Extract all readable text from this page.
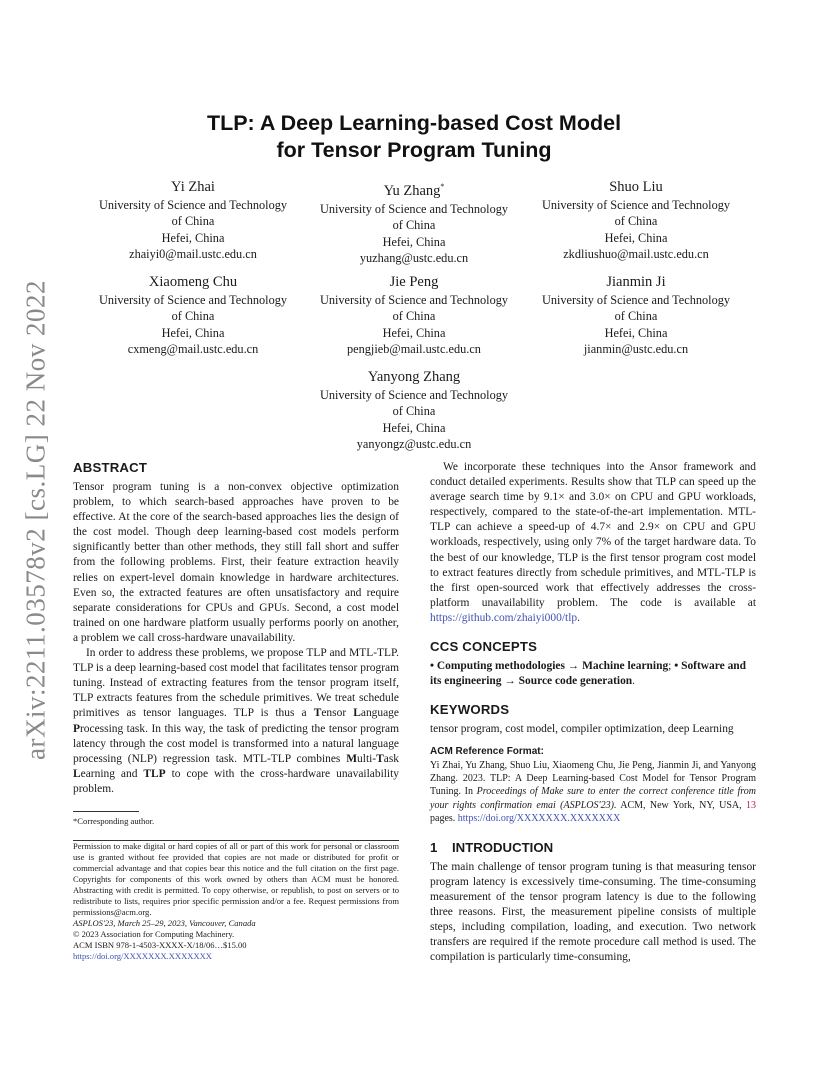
arXiv:2211.03578v2 [cs.LG] 22 Nov 2022
TLP: A Deep Learning-based Cost Model
for Tensor Program Tuning
Yi Zhai
University of Science and Technology
of China
Hefei, China
zhaiyi0@mail.ustc.edu.cn
Yu Zhang*
University of Science and Technology
of China
Hefei, China
yuzhang@ustc.edu.cn
Shuo Liu
University of Science and Technology
of China
Hefei, China
zkdliushuo@mail.ustc.edu.cn
Xiaomeng Chu
University of Science and Technology
of China
Hefei, China
cxmeng@mail.ustc.edu.cn
Jie Peng
University of Science and Technology
of China
Hefei, China
pengjieb@mail.ustc.edu.cn
Jianmin Ji
University of Science and Technology
of China
Hefei, China
jianmin@ustc.edu.cn
Yanyong Zhang
University of Science and Technology
of China
Hefei, China
yanyongz@ustc.edu.cn
ABSTRACT

Tensor program tuning is a non-convex objective optimization problem, to which search-based approaches have proven to be effective. At the core of the search-based approaches lies the design of the cost model. Though deep learning-based cost models perform significantly better than other methods, they still fall short and suffer from the following problems. First, their feature extraction heavily relies on expert-level domain knowledge in hardware architectures. Even so, the extracted features are often unsatisfactory and require separate considerations for CPUs and GPUs. Second, a cost model trained on one hardware platform usually performs poorly on another, a problem we call cross-hardware unavailability.

In order to address these problems, we propose TLP and MTL-TLP. TLP is a deep learning-based cost model that facilitates tensor program tuning. Instead of extracting features from the tensor program itself, TLP extracts features from the schedule primitives. We treat schedule primitives as tensor languages. TLP is thus a Tensor Language Processing task. In this way, the task of predicting the tensor program latency through the cost model is transformed into a natural language processing (NLP) regression task. MTL-TLP combines Multi-Task Learning and TLP to cope with the cross-hardware unavailability problem.

*Corresponding author.
Permission to make digital or hard copies of all or part of this work for personal or classroom use is granted without fee provided that copies are not made or distributed for profit or commercial advantage and that copies bear this notice and the full citation on the first page. Copyrights for components of this work owned by others than ACM must be honored. Abstracting with credit is permitted. To copy otherwise, or republish, to post on servers or to redistribute to lists, requires prior specific permission and/or a fee. Request permissions from permissions@acm.org.
ASPLOS'23, March 25–29, 2023, Vancouver, Canada
© 2023 Association for Computing Machinery.
ACM ISBN 978-1-4503-XXXX-X/18/06…$15.00
https://doi.org/XXXXXXX.XXXXXXX

We incorporate these techniques into the Ansor framework and conduct detailed experiments. Results show that TLP can speed up the average search time by 9.1× and 3.0× on CPU and GPU workloads, respectively, compared to the state-of-the-art implementation. MTL-TLP can achieve a speed-up of 4.7× and 2.9× on CPU and GPU workloads, respectively, using only 7% of the target hardware data. To the best of our knowledge, TLP is the first tensor program cost model to extract features directly from schedule primitives, and MTL-TLP is the first open-sourced work that effectively addresses the cross-platform unavailability problem. The code is available at https://github.com/zhaiyi000/tlp.

CCS CONCEPTS
• Computing methodologies → Machine learning; • Software and its engineering → Source code generation.
KEYWORDS
tensor program, cost model, compiler optimization, deep Learning
ACM Reference Format:
Yi Zhai, Yu Zhang, Shuo Liu, Xiaomeng Chu, Jie Peng, Jianmin Ji, and Yanyong Zhang. 2023. TLP: A Deep Learning-based Cost Model for Tensor Program Tuning. In Proceedings of Make sure to enter the correct conference title from your rights confirmation emai (ASPLOS'23). ACM, New York, NY, USA, 13 pages. https://doi.org/XXXXXXX.XXXXXXX
1 INTRODUCTION

The main challenge of tensor program tuning is that measuring tensor program latency is excessively time-consuming. The time-consuming measurement of the tensor program latency is due to the following three reasons. First, the measurement pipeline consists of multiple steps, including compilation, loading, and execution. Two network transfers are required if the remote procedure call method is used. The compilation is particularly time-consuming,
